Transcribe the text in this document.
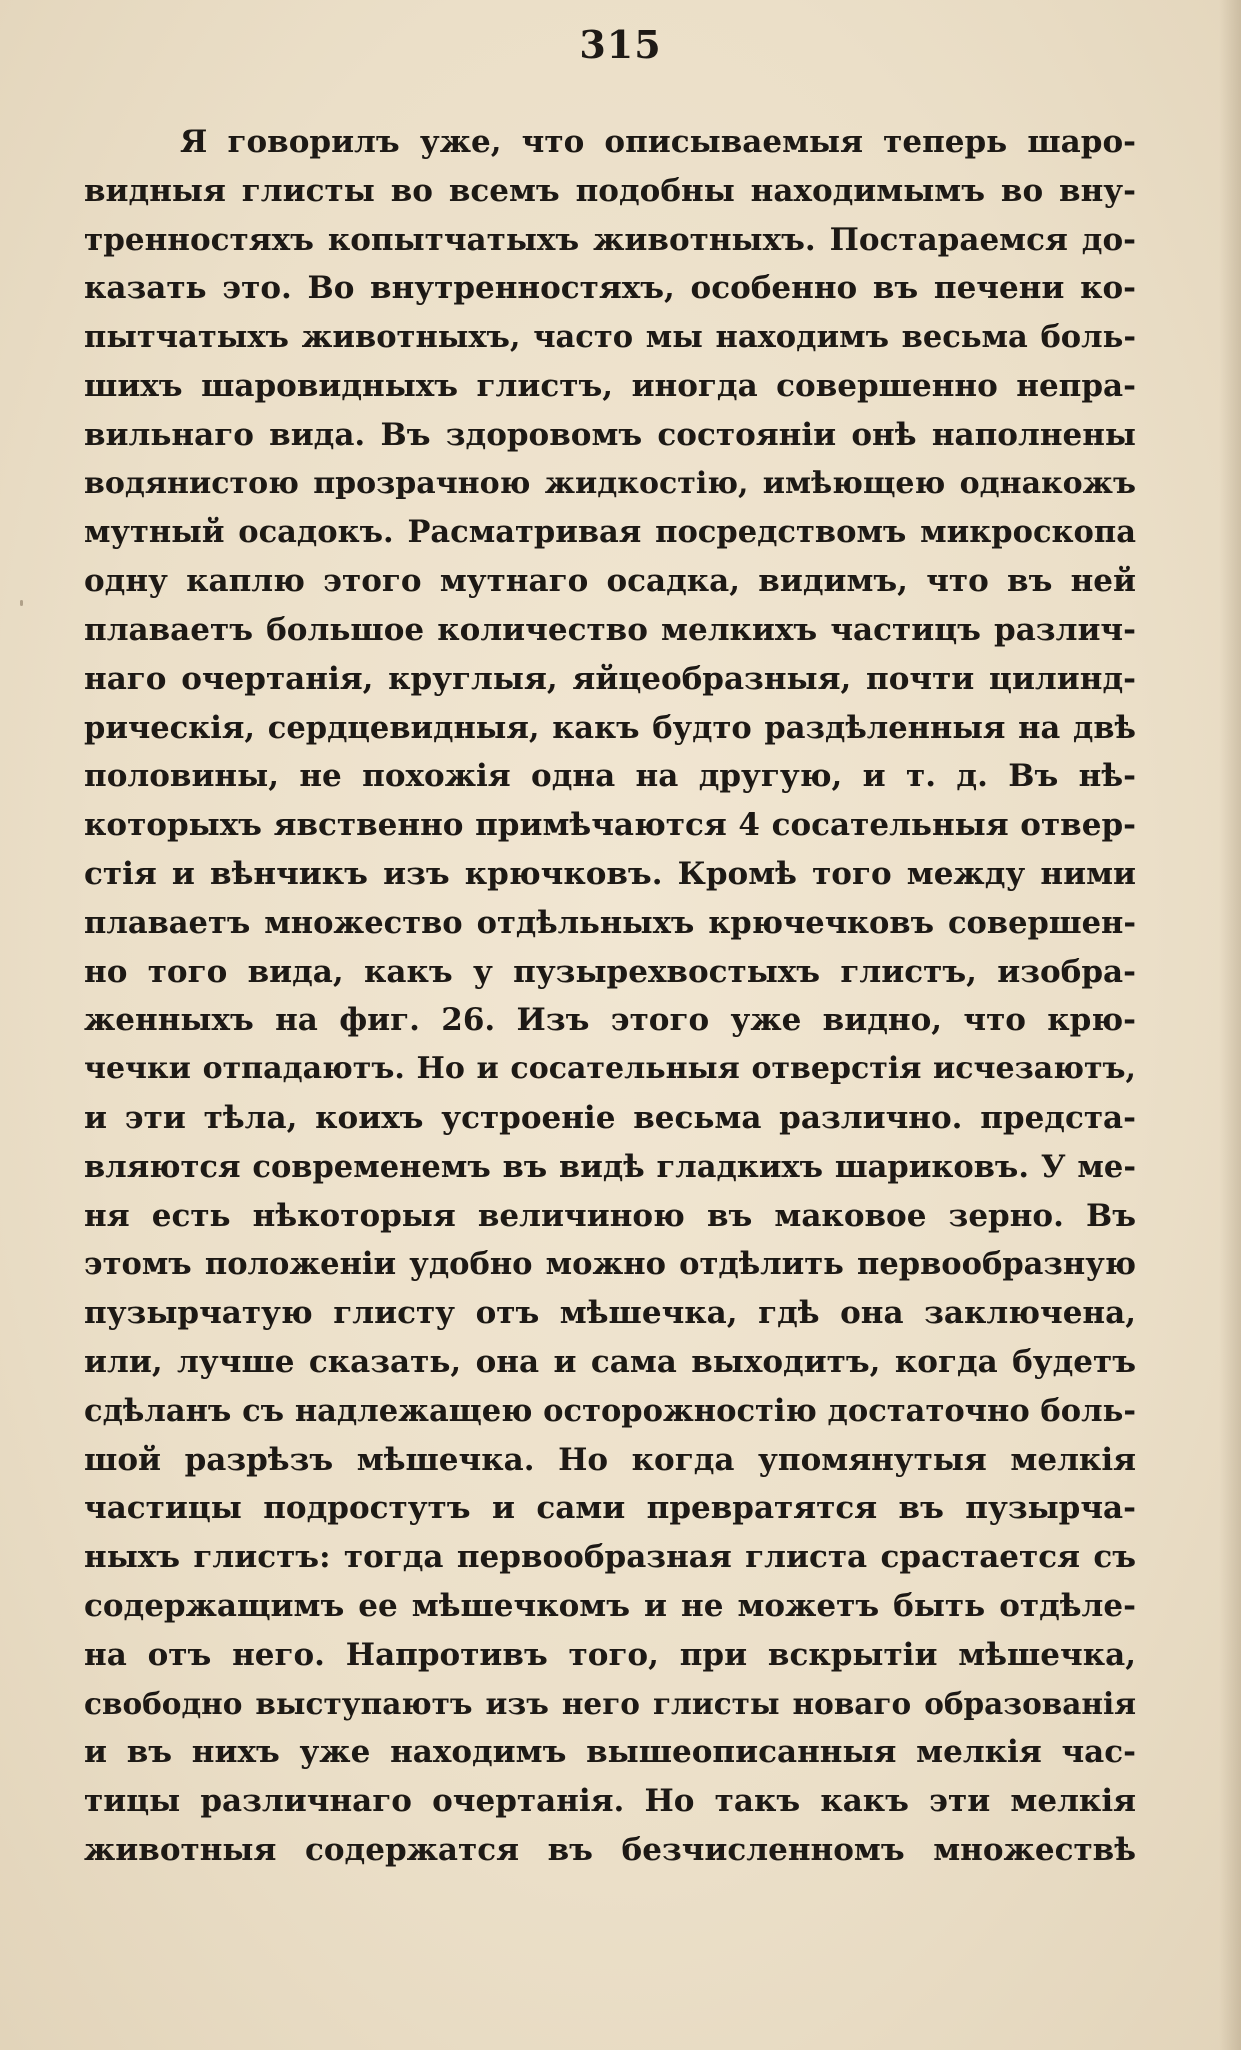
315
Я говорилъ уже, что описываемыя теперь шаро-
видныя глисты во всемъ подобны находимымъ во вну-
тренностяхъ копытчатыхъ животныхъ. Постараемся до-
казать это. Во внутренностяхъ, особенно въ печени ко-
пытчатыхъ животныхъ, часто мы находимъ весьма боль-
шихъ шаровидныхъ глистъ, иногда совершенно непра-
вильнаго вида. Въ здоровомъ состояніи онѣ наполнены
водянистою прозрачною жидкостію, имѣющею однакожъ
мутный осадокъ. Расматривая посредствомъ микроскопа
одну каплю этого мутнаго осадка, видимъ, что въ ней
плаваетъ большое количество мелкихъ частицъ различ-
наго очертанія, круглыя, яйцеобразныя, почти цилинд-
рическія, сердцевидныя, какъ будто раздѣленныя на двѣ
половины, не похожія одна на другую, и т. д. Въ нѣ-
которыхъ явственно примѣчаются 4 сосательныя отвер-
стія и вѣнчикъ изъ крючковъ. Кромѣ того между ними
плаваетъ множество отдѣльныхъ крючечковъ совершен-
но того вида, какъ у пузырехвостыхъ глистъ, изобра-
женныхъ на фиг. 26. Изъ этого уже видно, что крю-
чечки отпадаютъ. Но и сосательныя отверстія исчезаютъ,
и эти тѣла, коихъ устроеніе весьма различно. предста-
вляются современемъ въ видѣ гладкихъ шариковъ. У ме-
ня есть нѣкоторыя величиною въ маковое зерно. Въ
этомъ положеніи удобно можно отдѣлить первообразную
пузырчатую глисту отъ мѣшечка, гдѣ она заключена,
или, лучше сказать, она и сама выходитъ, когда будетъ
сдѣланъ съ надлежащею осторожностію достаточно боль-
шой разрѣзъ мѣшечка. Но когда упомянутыя мелкія
частицы подростутъ и сами превратятся въ пузырча-
ныхъ глистъ: тогда первообразная глиста срастается съ
содержащимъ ее мѣшечкомъ и не можетъ быть отдѣле-
на отъ него. Напротивъ того, при вскрытіи мѣшечка,
свободно выступаютъ изъ него глисты новаго образованія
и въ нихъ уже находимъ вышеописанныя мелкія час-
тицы различнаго очертанія. Но такъ какъ эти мелкія
животныя содержатся въ безчисленномъ множествѣ
